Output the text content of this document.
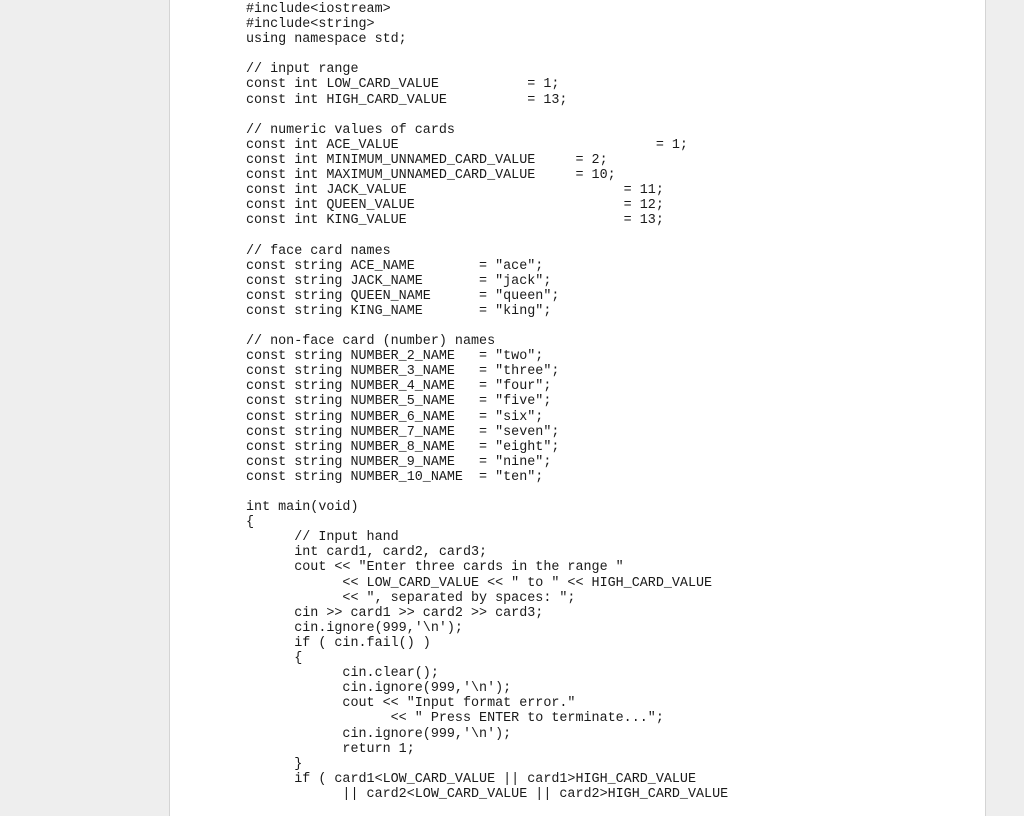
#include<iostream>
#include<string>
using namespace std;
// input range
const int LOW_CARD_VALUE           = 1;
const int HIGH_CARD_VALUE          = 13;
// numeric values of cards
const int ACE_VALUE                                = 1;
const int MINIMUM_UNNAMED_CARD_VALUE     = 2;
const int MAXIMUM_UNNAMED_CARD_VALUE     = 10;
const int JACK_VALUE                           = 11;
const int QUEEN_VALUE                          = 12;
const int KING_VALUE                           = 13;
// face card names
const string ACE_NAME        = "ace";
const string JACK_NAME       = "jack";
const string QUEEN_NAME      = "queen";
const string KING_NAME       = "king";
// non-face card (number) names
const string NUMBER_2_NAME   = "two";
const string NUMBER_3_NAME   = "three";
const string NUMBER_4_NAME   = "four";
const string NUMBER_5_NAME   = "five";
const string NUMBER_6_NAME   = "six";
const string NUMBER_7_NAME   = "seven";
const string NUMBER_8_NAME   = "eight";
const string NUMBER_9_NAME   = "nine";
const string NUMBER_10_NAME  = "ten";
int main(void)
{
// Input hand
int card1, card2, card3;
cout << "Enter three cards in the range "
<< LOW_CARD_VALUE << " to " << HIGH_CARD_VALUE
<< ", separated by spaces: ";
cin >> card1 >> card2 >> card3;
cin.ignore(999,'\n');
if ( cin.fail() )
{
cin.clear();
cin.ignore(999,'\n');
cout << "Input format error."
<< " Press ENTER to terminate...";
cin.ignore(999,'\n');
return 1;
}
if ( card1<LOW_CARD_VALUE || card1>HIGH_CARD_VALUE
|| card2<LOW_CARD_VALUE || card2>HIGH_CARD_VALUE
